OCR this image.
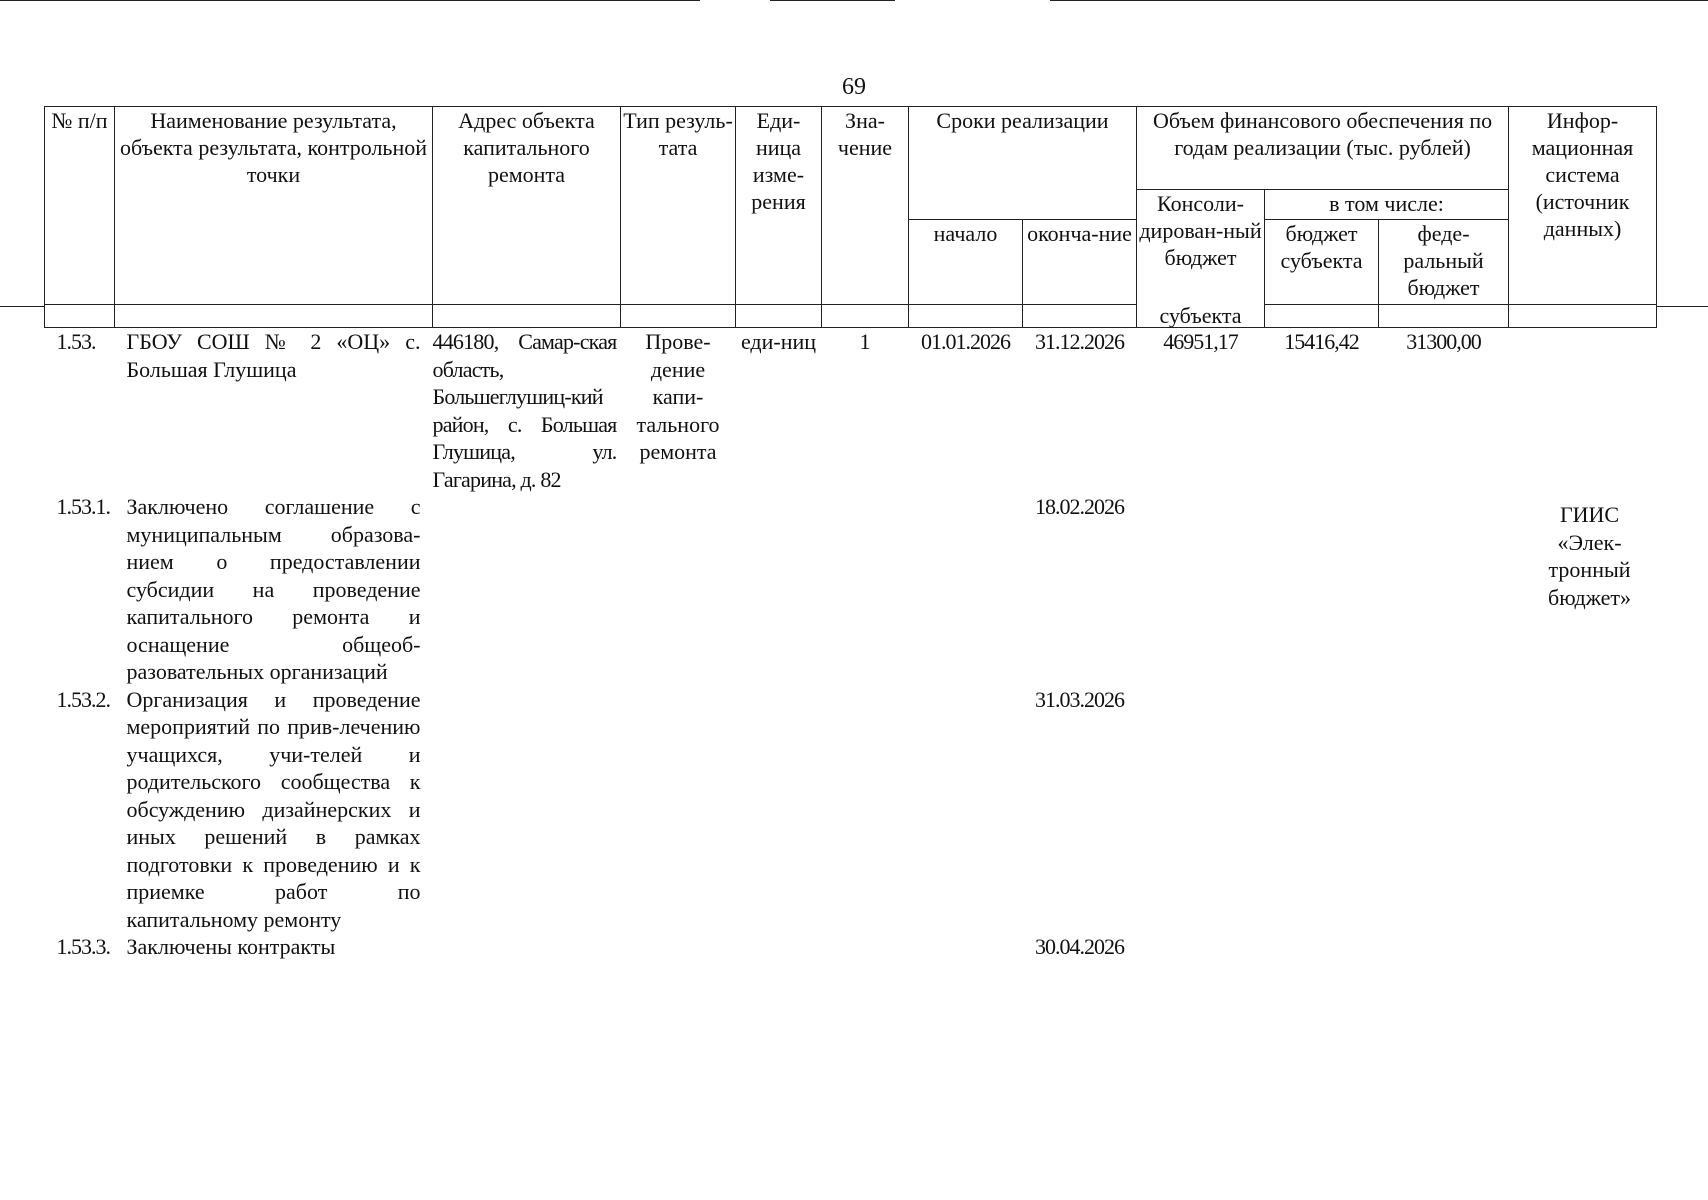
69
№ п/п	Наименование результата, объекта результата, контрольной точки	Адрес объекта капитального ремонта	Тип резуль-тата	Еди-ница изме-рения	Зна-чение	Сроки реализации		Объем финансового обеспечения по годам реализации (тыс. рублей)			Инфор-мационная система (источник данных)
								Консоли-дирован-ный бюджет	в том числе:		
						начало	оконча-ние		бюджет субъекта	феде-ральный бюджет	
								субъекта			
1.53.	ГБОУ СОШ № 2 «ОЦ» с. Большая Глушица	446180, Самар-ская область, Большеглушиц-кий район, с. Большая Глушица, ул. Гагарина, д. 82	Прове-дение капи-тального ремонта	еди-ниц	1	01.01.2026	31.12.2026	46951,17	15416,42	31300,00	
1.53.1.	Заключено соглашение с муниципальным образова-нием о предоставлении субсидии на проведение капитального ремонта и оснащение общеоб-разовательных организаций						18.02.2026				ГИИС «Элек-тронный бюджет»
1.53.2.	Организация и проведение мероприятий по прив-лечению учащихся, учи-телей и родительского сообщества к обсуждению дизайнерских и иных решений в рамках подготовки к проведению и к приемке работ по капитальному ремонту						31.03.2026				
1.53.3.	Заключены контракты						30.04.2026				
